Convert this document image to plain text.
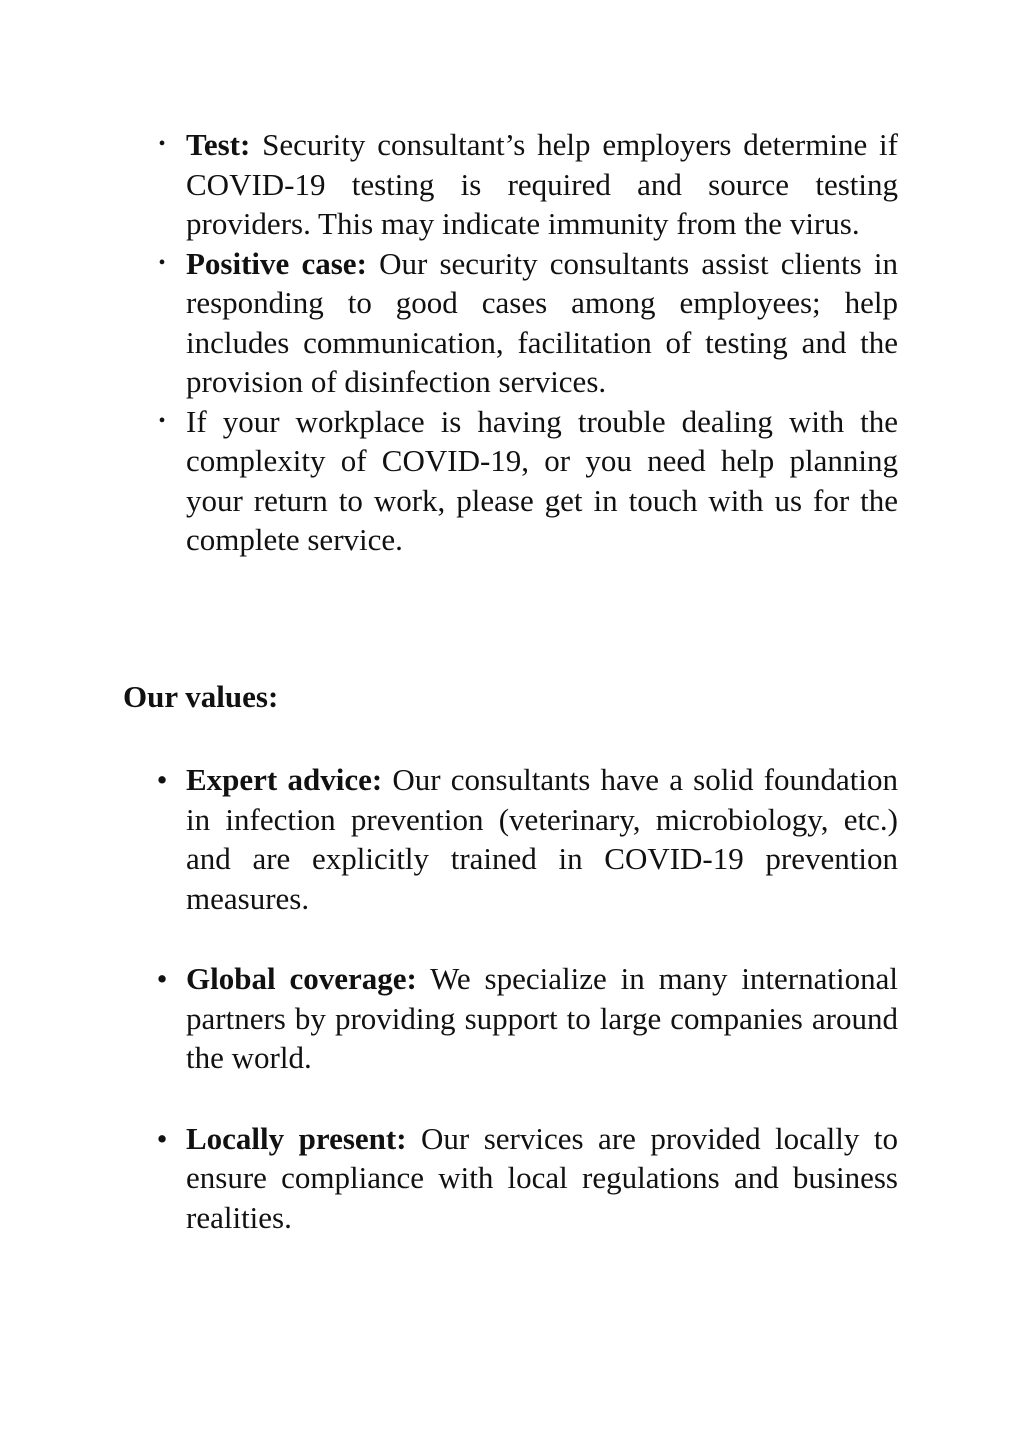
• Test: Security consultant’s help employers determine if COVID-19 testing is required and source testing providers. This may indicate immunity from the virus.
• Positive case: Our security consultants assist clients in responding to good cases among employees; help includes communication, facilitation of testing and the provision of disinfection services.
• If your workplace is having trouble dealing with the complexity of COVID-19, or you need help planning your return to work, please get in touch with us for the complete service.
Our values:
• Expert advice: Our consultants have a solid foundation in infection prevention (veterinary, microbiology, etc.) and are explicitly trained in COVID-19 prevention measures.
• Global coverage: We specialize in many international partners by providing support to large companies around the world.
• Locally present: Our services are provided locally to ensure compliance with local regulations and business realities.
